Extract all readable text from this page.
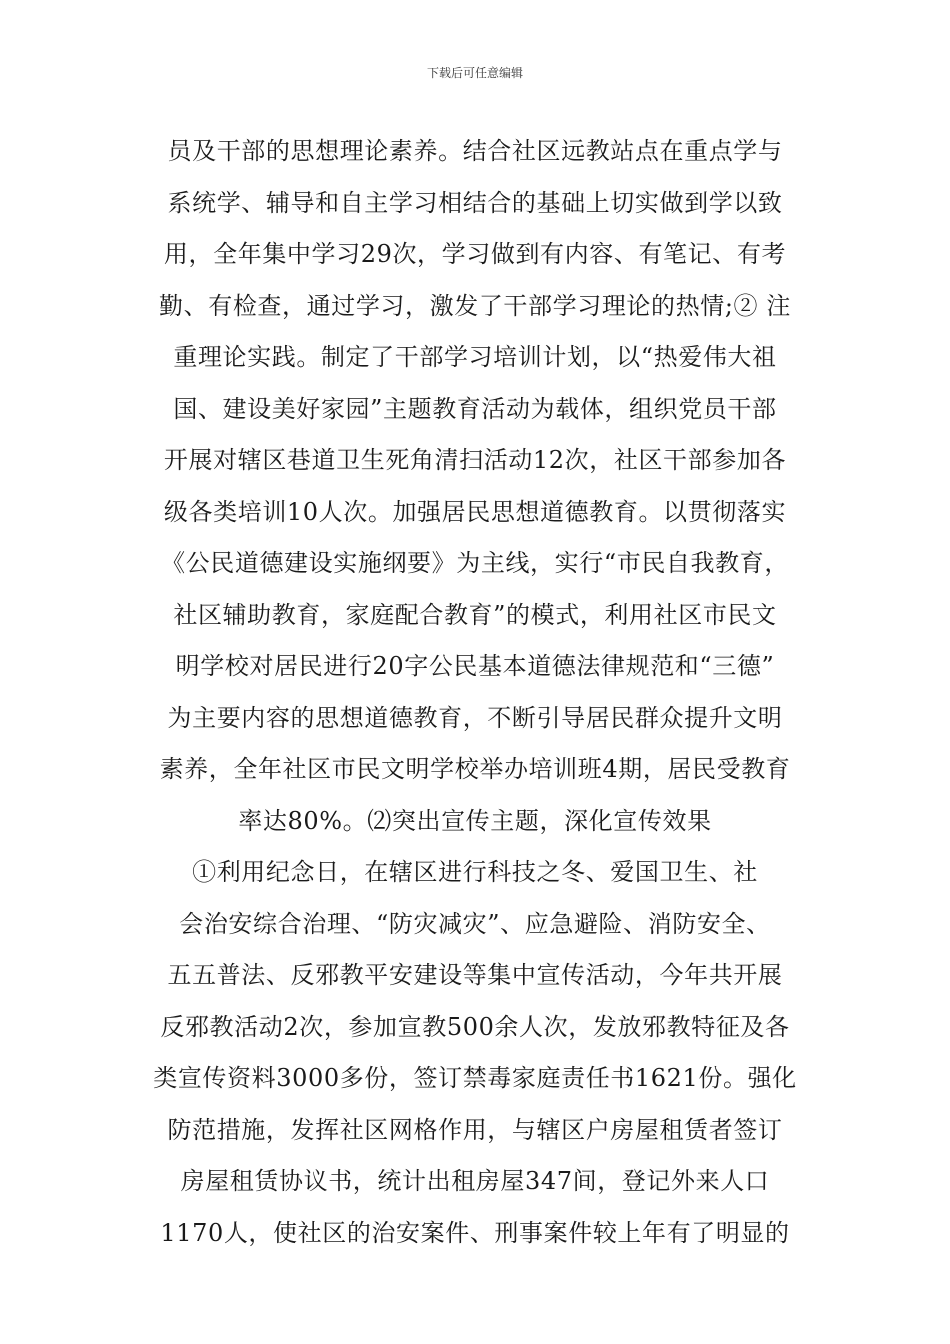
下载后可任意编辑
员及干部的思想理论素养。结合社区远教站点在重点学与
系统学、辅导和自主学习相结合的基础上切实做到学以致
用，全年集中学习29次，学习做到有内容、有笔记、有考
勤、有检查，通过学习，激发了干部学习理论的热情;② 注
重理论实践。制定了干部学习培训计划，以“热爱伟大祖
国、建设美好家园”主题教育活动为载体，组织党员干部
开展对辖区巷道卫生死角清扫活动12次，社区干部参加各
级各类培训10人次。加强居民思想道德教育。以贯彻落实
《公民道德建设实施纲要》为主线，实行“市民自我教育，
社区辅助教育，家庭配合教育”的模式，利用社区市民文
明学校对居民进行20字公民基本道德法律规范和“三德”
为主要内容的思想道德教育，不断引导居民群众提升文明
素养，全年社区市民文明学校举办培训班4期，居民受教育
率达80%。⑵突出宣传主题，深化宣传效果
①利用纪念日，在辖区进行科技之冬、爱国卫生、社
会治安综合治理、“防灾减灾”、应急避险、消防安全、
五五普法、反邪教平安建设等集中宣传活动，今年共开展
反邪教活动2次，参加宣教500余人次，发放邪教特征及各
类宣传资料3000多份，签订禁毒家庭责任书1621份。强化
防范措施，发挥社区网格作用，与辖区户房屋租赁者签订
房屋租赁协议书，统计出租房屋347间，登记外来人口
1170人，使社区的治安案件、刑事案件较上年有了明显的
